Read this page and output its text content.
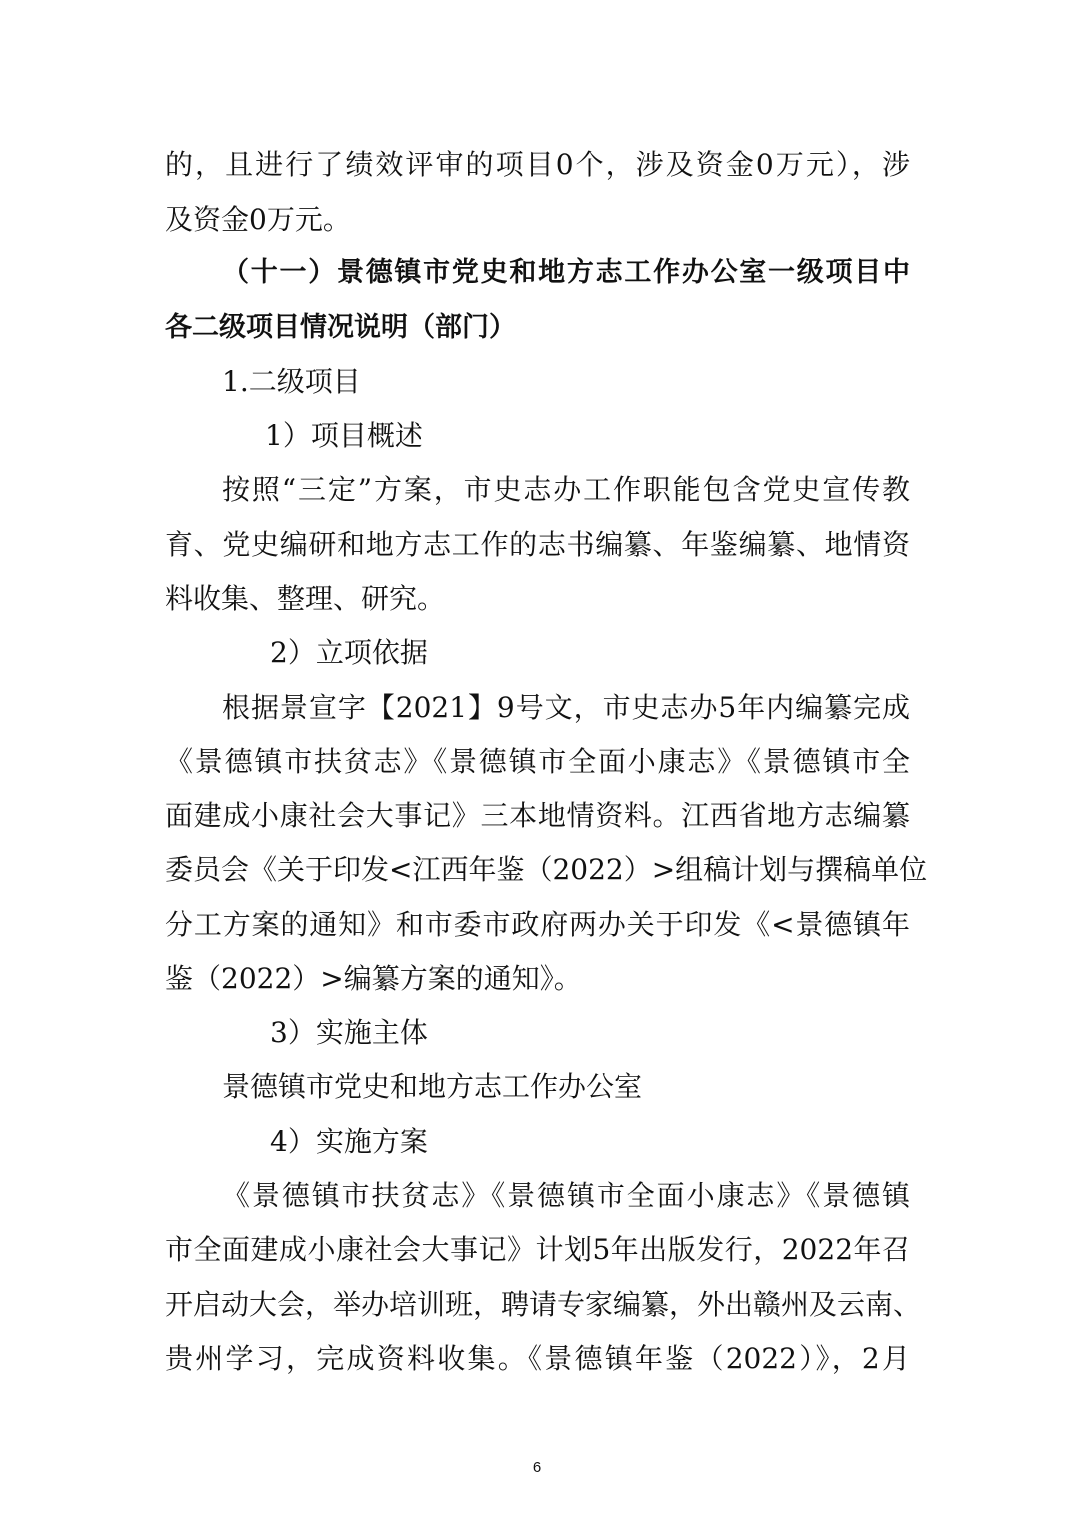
的，且进行了绩效评审的项目0个，涉及资金0万元），涉
及资金0万元。
（十一）景德镇市党史和地方志工作办公室一级项目中
各二级项目情况说明（部门）
1.二级项目
1）项目概述
按照“三定”方案，市史志办工作职能包含党史宣传教
育、党史编研和地方志工作的志书编纂、年鉴编纂、地情资
料收集、整理、研究。
2）立项依据
根据景宣字【2021】9号文，市史志办5年内编纂完成
《景德镇市扶贫志》《景德镇市全面小康志》《景德镇市全
面建成小康社会大事记》三本地情资料。江西省地方志编纂
委员会《关于印发<江西年鉴（2022）>组稿计划与撰稿单位
分工方案的通知》和市委市政府两办关于印发《<景德镇年
鉴（2022）>编纂方案的通知》。
3）实施主体
景德镇市党史和地方志工作办公室
4）实施方案
《景德镇市扶贫志》《景德镇市全面小康志》《景德镇
市全面建成小康社会大事记》计划5年出版发行，2022年召
开启动大会，举办培训班，聘请专家编纂，外出赣州及云南、
贵州学习，完成资料收集。《景德镇年鉴（2022）》，2月
6
